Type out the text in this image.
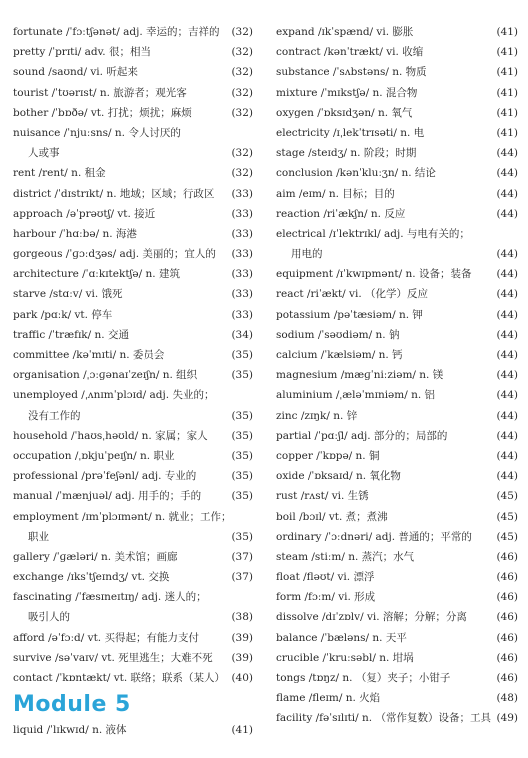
fortunate /ˈfɔːtʃənət/ adj. 幸运的；吉祥的 (32)
pretty /ˈprɪti/ adv. 很；相当	(32)
sound /saʊnd/ vi. 听起来	(32)
tourist /ˈtʊərɪst/ n. 旅游者；观光客	(32)
bother /ˈbɒðə/ vt. 打扰；烦扰；麻烦	(32)
nuisance /ˈnjuːsns/ n. 令人讨厌的
人或事	(32)
rent /rent/ n. 租金	(32)
district /ˈdɪstrɪkt/ n. 地域；区域；行政区 (33)
approach /əˈprəʊtʃ/ vt. 接近	(33)
harbour /ˈhɑːbə/ n. 海港	(33)
gorgeous /ˈɡɔːdʒəs/ adj. 美丽的；宜人的 (33)
architecture /ˈɑːkɪtektʃə/ n. 建筑	(33)
starve /stɑːv/ vi. 饿死	(33)
park /pɑːk/ vt. 停车	(33)
traffic /ˈtræfɪk/ n. 交通	(34)
committee /kəˈmɪti/ n. 委员会	(35)
organisation /ˌɔːɡənaɪˈzeɪʃn/ n. 组织	(35)
unemployed /ˌʌnɪmˈplɔɪd/ adj. 失业的；
没有工作的	(35)
household /ˈhaʊsˌhəʊld/ n. 家属；家人 (35)
occupation /ˌɒkjuˈpeɪʃn/ n. 职业	(35)
professional /prəˈfeʃənl/ adj. 专业的	(35)
manual /ˈmænjuəl/ adj. 用手的；手的	(35)
employment /ɪmˈplɔɪmənt/ n. 就业；工作；
职业	(35)
gallery /ˈɡæləri/ n. 美术馆；画廊	(37)
exchange /ɪksˈtʃeɪndʒ/ vt. 交换	(37)
fascinating /ˈfæsɪneɪtɪŋ/ adj. 迷人的；
吸引人的	(38)
afford /əˈfɔːd/ vt. 买得起；有能力支付	(39)
survive /səˈvaɪv/ vt. 死里逃生；大难不死 (39)
contact /ˈkɒntækt/ vt. 联络；联系（某人） (40)
Module 5
liquid /ˈlɪkwɪd/ n. 液体	(41)
expand /ɪkˈspænd/ vi. 膨胀	(41)
contract /kənˈtrækt/ vi. 收缩	(41)
substance /ˈsʌbstəns/ n. 物质	(41)
mixture /ˈmɪkstʃə/ n. 混合物	(41)
oxygen /ˈɒksɪdʒən/ n. 氧气	(41)
electricity /ɪˌlekˈtrɪsəti/ n. 电	(41)
stage /steɪdʒ/ n. 阶段；时期	(44)
conclusion /kənˈkluːʒn/ n. 结论	(44)
aim /eɪm/ n. 目标；目的	(44)
reaction /riˈækʃn/ n. 反应	(44)
electrical /ɪˈlektrɪkl/ adj. 与电有关的；
用电的	(44)
equipment /ɪˈkwɪpmənt/ n. 设备；装备 (44)
react /riˈækt/ vi. （化学）反应	(44)
potassium /pəˈtæsiəm/ n. 钾	(44)
sodium /ˈsəʊdiəm/ n. 钠	(44)
calcium /ˈkælsiəm/ n. 钙	(44)
magnesium /mæɡˈniːziəm/ n. 镁	(44)
aluminium /ˌæləˈmɪniəm/ n. 铝	(44)
zinc /zɪŋk/ n. 锌	(44)
partial /ˈpɑːʃl/ adj. 部分的；局部的	(44)
copper /ˈkɒpə/ n. 铜	(44)
oxide /ˈɒksaɪd/ n. 氧化物	(44)
rust /rʌst/ vi. 生锈	(45)
boil /bɔɪl/ vt. 煮；煮沸	(45)
ordinary /ˈɔːdnəri/ adj. 普通的；平常的 (45)
steam /stiːm/ n. 蒸汽；水气	(46)
float /fləʊt/ vi. 漂浮	(46)
form /fɔːm/ vi. 形成	(46)
dissolve /dɪˈzɒlv/ vi. 溶解；分解；分离	(46)
balance /ˈbæləns/ n. 天平	(46)
crucible /ˈkruːsəbl/ n. 坩埚	(46)
tongs /tɒŋz/ n. （复）夹子；小钳子	(46)
flame /fleɪm/ n. 火焰	(48)
facility /fəˈsɪlɪti/ n. （常作复数）设备；工具 (49)
